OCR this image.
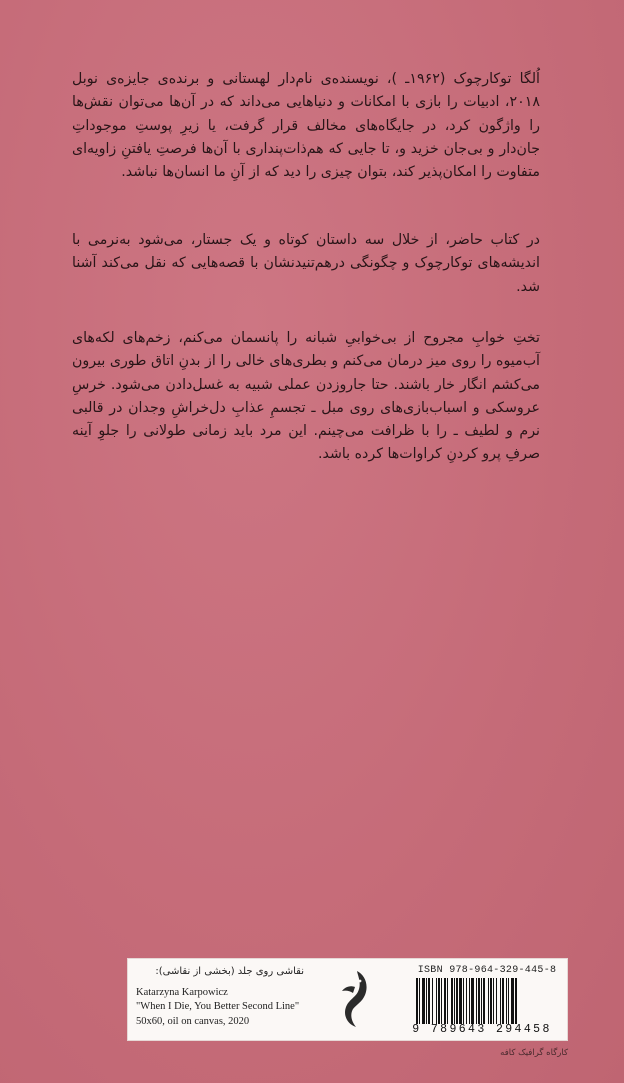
اُلگا توکارچوک (۱۹۶۲ـ )، نویسنده‌ی نام‌دار لهستانی و برنده‌ی جایزه‌ی نوبل ۲۰۱۸، ادبیات را بازی با امکانات و دنیاهایی می‌داند که در آن‌ها می‌توان نقش‌ها را واژگون کرد، در جایگاه‌های مخالف قرار گرفت، یا زیرِ پوستِ موجوداتِ جان‌دار و بی‌جان خزید و، تا جایی که هم‌ذات‌پنداری با آن‌ها فرصتِ یافتنِ زاویه‌ای متفاوت را امکان‌پذیر کند، بتوان چیزی را دید که از آنِ ما انسان‌ها نباشد.

در کتاب حاضر، از خلال سه داستان کوتاه و یک جستار، می‌شود به‌نرمی با اندیشه‌های توکارچوک و چگونگی درهم‌تنیدنشان با قصه‌هایی که نقل می‌کند آشنا شد.

تختِ خوابِ مجروح از بی‌خوابیِ شبانه را پانسمان می‌کنم، زخم‌های لکه‌های آب‌میوه را روی میز درمان می‌کنم و بطری‌های خالی را از بدنِ اتاق طوری بیرون می‌کشم انگار خار باشند. حتا جاروزدن عملی شبیه به غسل‌دادن می‌شود. خرسِ عروسکی و اسباب‌بازی‌های روی مبل ـ تجسمِ عذابِ دل‌خراشِ وجدان در قالبی نرم و لطیف ـ را با ظرافت می‌چینم. این مرد باید زمانی طولانی را جلوِ آینه صرفِ پرو کردنِ کراوات‌ها کرده باشد.

نقاشی روی جلد (بخشی از نقاشی):
Katarzyna Karpowicz
"When I Die, You Better Second Line"
50x60, oil on canvas, 2020
ISBN 978-964-329-445-8
9 789643 294458
کارگاه گرافیک کافه
